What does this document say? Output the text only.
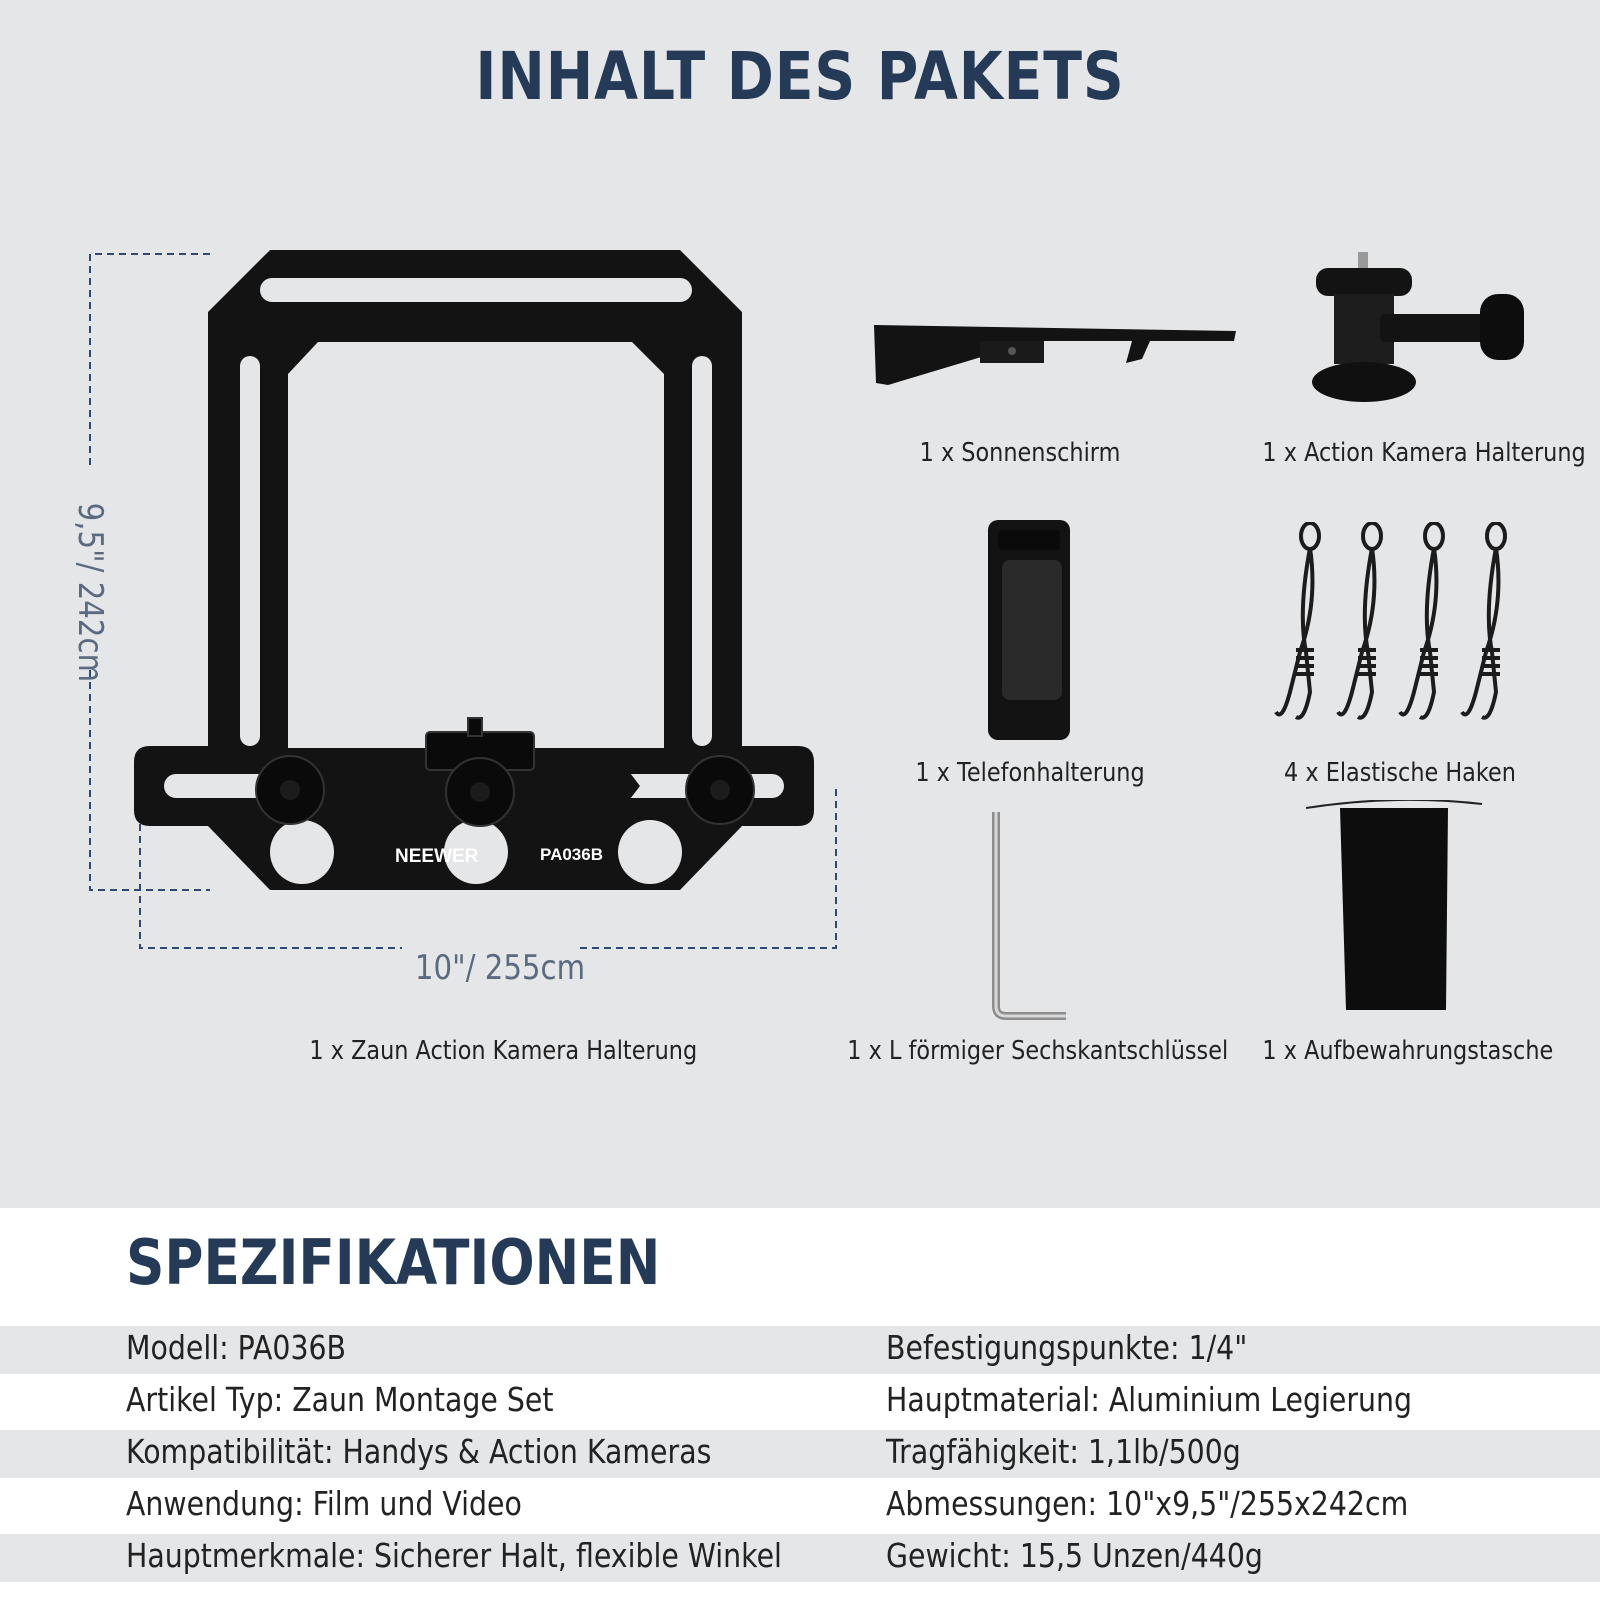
INHALT DES PAKETS
NEEWER	PA036B
10"/ 255cm
9,5"/ 242cm
1 x Zaun Action Kamera Halterung
1 x Sonnenschirm	1 x Action Kamera Halterung
1 x Telefonhalterung	4 x Elastische Haken
1 x L förmiger Sechskantschlüssel 1 x Aufbewahrungstasche
SPEZIFIKATIONEN
Modell: PA036B	Befestigungspunkte: 1/4"
Artikel Typ: Zaun Montage Set	Hauptmaterial: Aluminium Legierung
Kompatibilität: Handys & Action Kameras	Tragfähigkeit: 1,1lb/500g
Anwendung: Film und Video	Abmessungen: 10"x9,5"/255x242cm
Hauptmerkmale: Sicherer Halt, flexible Winkel	Gewicht: 15,5 Unzen/440g
